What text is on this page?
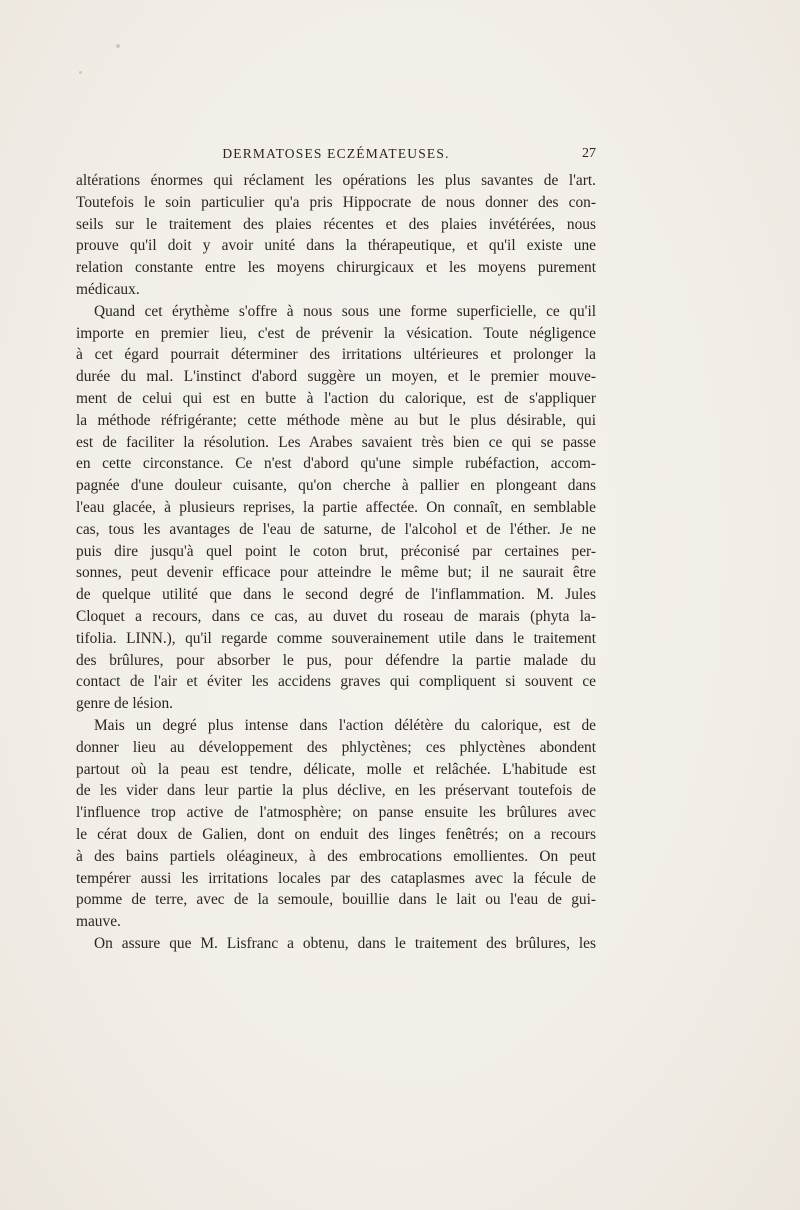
DERMATOSES ECZÉMATEUSES.	27
altérations énormes qui réclament les opérations les plus savantes de l'art.
Toutefois le soin particulier qu'a pris Hippocrate de nous donner des con-
seils sur le traitement des plaies récentes et des plaies invétérées, nous
prouve qu'il doit y avoir unité dans la thérapeutique, et qu'il existe une
relation constante entre les moyens chirurgicaux et les moyens purement
médicaux.
Quand cet érythème s'offre à nous sous une forme superficielle, ce qu'il
importe en premier lieu, c'est de prévenir la vésication. Toute négligence
à cet égard pourrait déterminer des irritations ultérieures et prolonger la
durée du mal. L'instinct d'abord suggère un moyen, et le premier mouve-
ment de celui qui est en butte à l'action du calorique, est de s'appliquer
la méthode réfrigérante; cette méthode mène au but le plus désirable, qui
est de faciliter la résolution. Les Arabes savaient très bien ce qui se passe
en cette circonstance. Ce n'est d'abord qu'une simple rubéfaction, accom-
pagnée d'une douleur cuisante, qu'on cherche à pallier en plongeant dans
l'eau glacée, à plusieurs reprises, la partie affectée. On connaît, en semblable
cas, tous les avantages de l'eau de saturne, de l'alcohol et de l'éther. Je ne
puis dire jusqu'à quel point le coton brut, préconisé par certaines per-
sonnes, peut devenir efficace pour atteindre le même but; il ne saurait être
de quelque utilité que dans le second degré de l'inflammation. M. Jules
Cloquet a recours, dans ce cas, au duvet du roseau de marais (phyta la-
tifolia. LINN.), qu'il regarde comme souverainement utile dans le traitement
des brûlures, pour absorber le pus, pour défendre la partie malade du
contact de l'air et éviter les accidens graves qui compliquent si souvent ce
genre de lésion.
Mais un degré plus intense dans l'action délétère du calorique, est de
donner lieu au développement des phlyctènes; ces phlyctènes abondent
partout où la peau est tendre, délicate, molle et relâchée. L'habitude est
de les vider dans leur partie la plus déclive, en les préservant toutefois de
l'influence trop active de l'atmosphère; on panse ensuite les brûlures avec
le cérat doux de Galien, dont on enduit des linges fenêtrés; on a recours
à des bains partiels oléagineux, à des embrocations emollientes. On peut
tempérer aussi les irritations locales par des cataplasmes avec la fécule de
pomme de terre, avec de la semoule, bouillie dans le lait ou l'eau de gui-
mauve.
On assure que M. Lisfranc a obtenu, dans le traitement des brûlures, les
